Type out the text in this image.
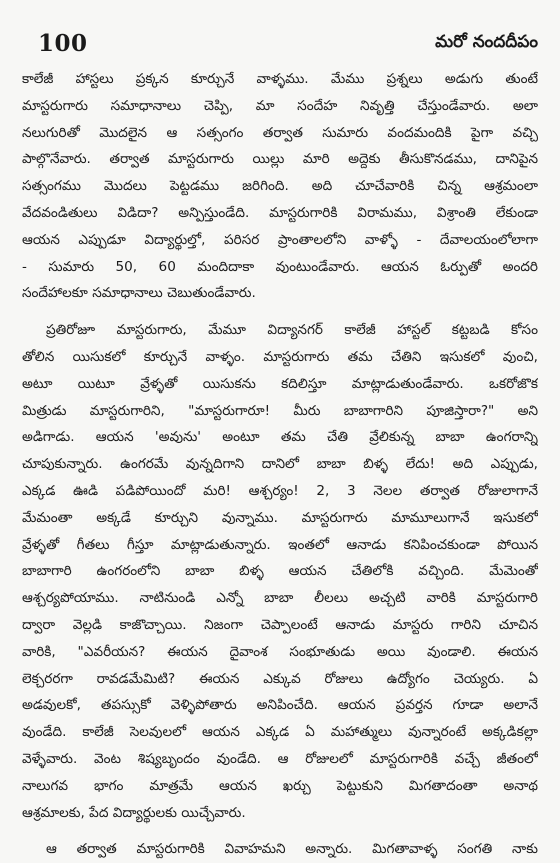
100	మరో నందదీపం
కాలేజీ హాస్టలు ప్రక్కన కూర్చునే వాళ్ళము. మేము ప్రశ్నలు అడుగు తుంటే
మాస్టరుగారు సమాధానాలు చెప్పి, మా సందేహ నివృత్తి చేస్తుండేవారు. అలా
నలుగురితో మొదలైన ఆ సత్సంగం తర్వాత సుమారు వందమందికి పైగా వచ్చి
పాల్గొనేవారు. తర్వాత మాస్టరుగారు యిల్లు మారి అద్దెకు తీసుకొనడము, దానిపైన
సత్సంగము మొదలు పెట్టడము జరిగింది. అది చూచేవారికి చిన్న ఆశ్రమంలా
వేదవండితులు విడిదా? అన్పిస్తుండేది. మాస్టరుగారికి విరామము, విశ్రాంతి లేకుండా
ఆయన ఎప్పుడూ విద్యార్థుల్తో, పరిసర ప్రాంతాలలోని వాళ్ళో - దేవాలయంలోలాగా
- సుమారు 50, 60 మందిదాకా వుంటుండేవారు. ఆయన ఓర్పుతో అందరి
సందేహాలకూ సమాధానాలు చెబుతుండేవారు.
ప్రతిరోజూ మాస్టరుగారు, మేమూ విద్యానగర్ కాలేజీ హాస్టల్ కట్టబడి కోసం
తోలిన యిసుకలో కూర్చునే వాళ్ళం. మాస్టరుగారు తమ చేతిని ఇసుకలో వుంచి,
అటూ యిటూ వ్రేళ్ళతో యిసుకను కదిలిస్తూ మాట్లాడుతుండేవారు. ఒకరోజొక
మిత్రుడు మాస్టరుగారిని, "మాస్టరుగారూ! మీరు బాబాగారిని పూజిస్తారా?" అని
అడిగాడు. ఆయన 'అవును' అంటూ తమ చేతి వ్రేలికున్న బాబా ఉంగరాన్ని
చూపుకున్నారు. ఉంగరమే వున్నదిగాని దానిలో బాబా బిళ్ళ లేదు! అది ఎప్పుడు,
ఎక్కడ ఊడి పడిపోయిందో మరి! ఆశ్చర్యం! 2, 3 నెలల తర్వాత రోజులాగానే
మేమంతా అక్కడే కూర్చుని వున్నాము. మాస్టరుగారు మామూలుగానే ఇసుకలో
వ్రేళ్ళతో గీతలు గీస్తూ మాట్లాడుతున్నారు. ఇంతలో ఆనాడు కనిపించకుండా పోయిన
బాబాగారి ఉంగరంలోని బాబా బిళ్ళ ఆయన చేతిలోకి వచ్చింది. మేమెంతో
ఆశ్చర్యపోయాము. నాటినుండి ఎన్నో బాబా లీలలు అచ్చటి వారికి మాస్టరుగారి
ద్వారా వెల్లడి కాజొచ్చాయి. నిజంగా చెప్పాలంటే ఆనాడు మాస్టరు గారిని చూచిన
వారికి, "ఎవరీయన? ఈయన దైవాంశ సంభూతుడు అయి వుండాలి. ఈయన
లెక్చరరగా రావడమేమిటి? ఈయన ఎక్కువ రోజులు ఉద్యోగం చెయ్యరు. ఏ
అడవులకో, తపస్సుకో వెళ్ళిపోతారు అనిపించేది. ఆయన ప్రవర్తన గూడా అలానే
వుండేది. కాలేజీ సెలవులలో ఆయన ఎక్కడ ఏ మహాత్ములు వున్నారంటే అక్కడికల్లా
వెళ్ళేవారు. వెంట శిష్యబృందం వుండేది. ఆ రోజులలో మాస్టరుగారికి వచ్చే జీతంలో
నాలుగవ భాగం మాత్రమే ఆయన ఖర్చు పెట్టుకుని మిగతాదంతా అనాథ
ఆశ్రమాలకు, పేద విద్యార్థులకు యిచ్చేవారు.
ఆ తర్వాత మాస్టరుగారికి వివాహమని అన్నారు. మిగతావాళ్ళ సంగతి నాకు
